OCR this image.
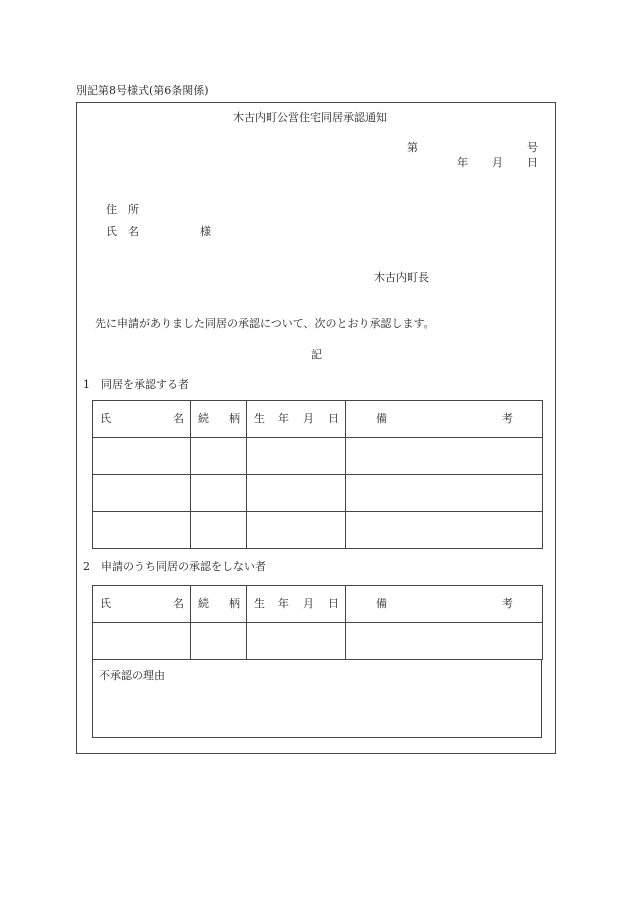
別記第8号様式(第6条関係)
木古内町公営住宅同居承認通知
第	号
年 月 日
住　所
氏　名	様
木古内町長
先に申請がありました同居の承認について、次のとおり承認します。
記
1 同居を承認する者
氏 名	続 柄	生 年 月 日	備 考

2 申請のうち同居の承認をしない者
氏 名	続 柄	生 年 月 日	備 考

不承認の理由
